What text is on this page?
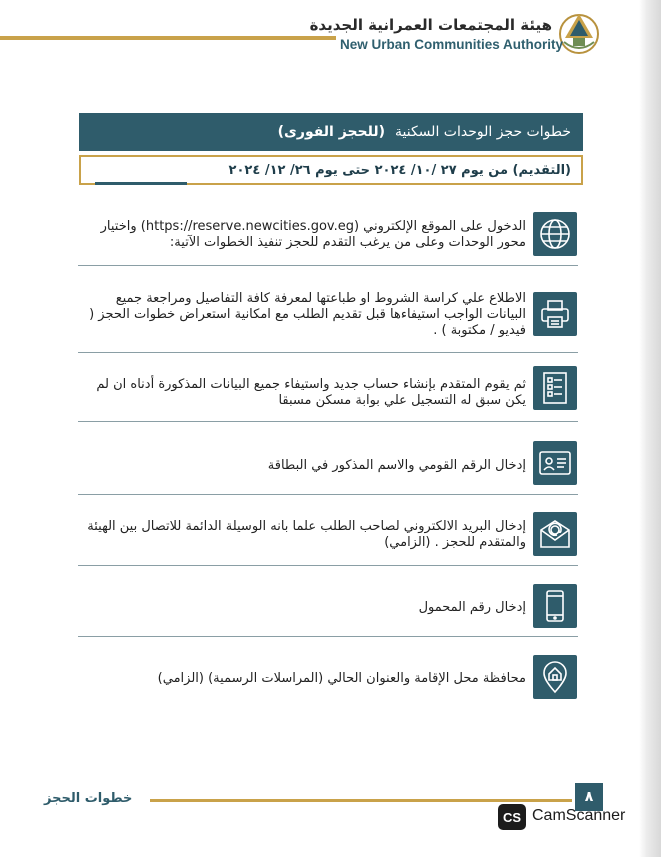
هيئة المجتمعات العمرانية الجديدة
New Urban Communities Authority
خطوات حجز الوحدات السكنية
(للحجز الفورى)
(التقديم) من يوم ٢٧ /١٠/ ٢٠٢٤ حتى يوم ٢٦/ ١٢/ ٢٠٢٤
الدخول على الموقع الإلكتروني (https://reserve.newcities.gov.eg) واختيار محور الوحدات وعلى من يرغب التقدم للحجز تنفيذ الخطوات الآتية:
الاطلاع علي كراسة الشروط او طباعتها لمعرفة كافة التفاصيل ومراجعة جميع البيانات الواجب استيفاءها قبل تقديم الطلب مع امكانية استعراض خطوات الحجز ( فيديو / مكتوبة ) .
ثم يقوم المتقدم بإنشاء حساب جديد واستيفاء جميع البيانات المذكورة أدناه ان لم يكن سبق له التسجيل علي بوابة مسكن مسبقا
إدخال الرقم القومي والاسم المذكور في البطاقة
إدخال البريد الالكتروني لصاحب الطلب علما بانه الوسيلة الدائمة للاتصال بين الهيئة والمتقدم للحجز . (الزامي)
إدخال رقم المحمول
محافظة محل الإقامة والعنوان الحالي (المراسلات الرسمية) (الزامي)
خطوات الحجز	٨
CS CamScanner
